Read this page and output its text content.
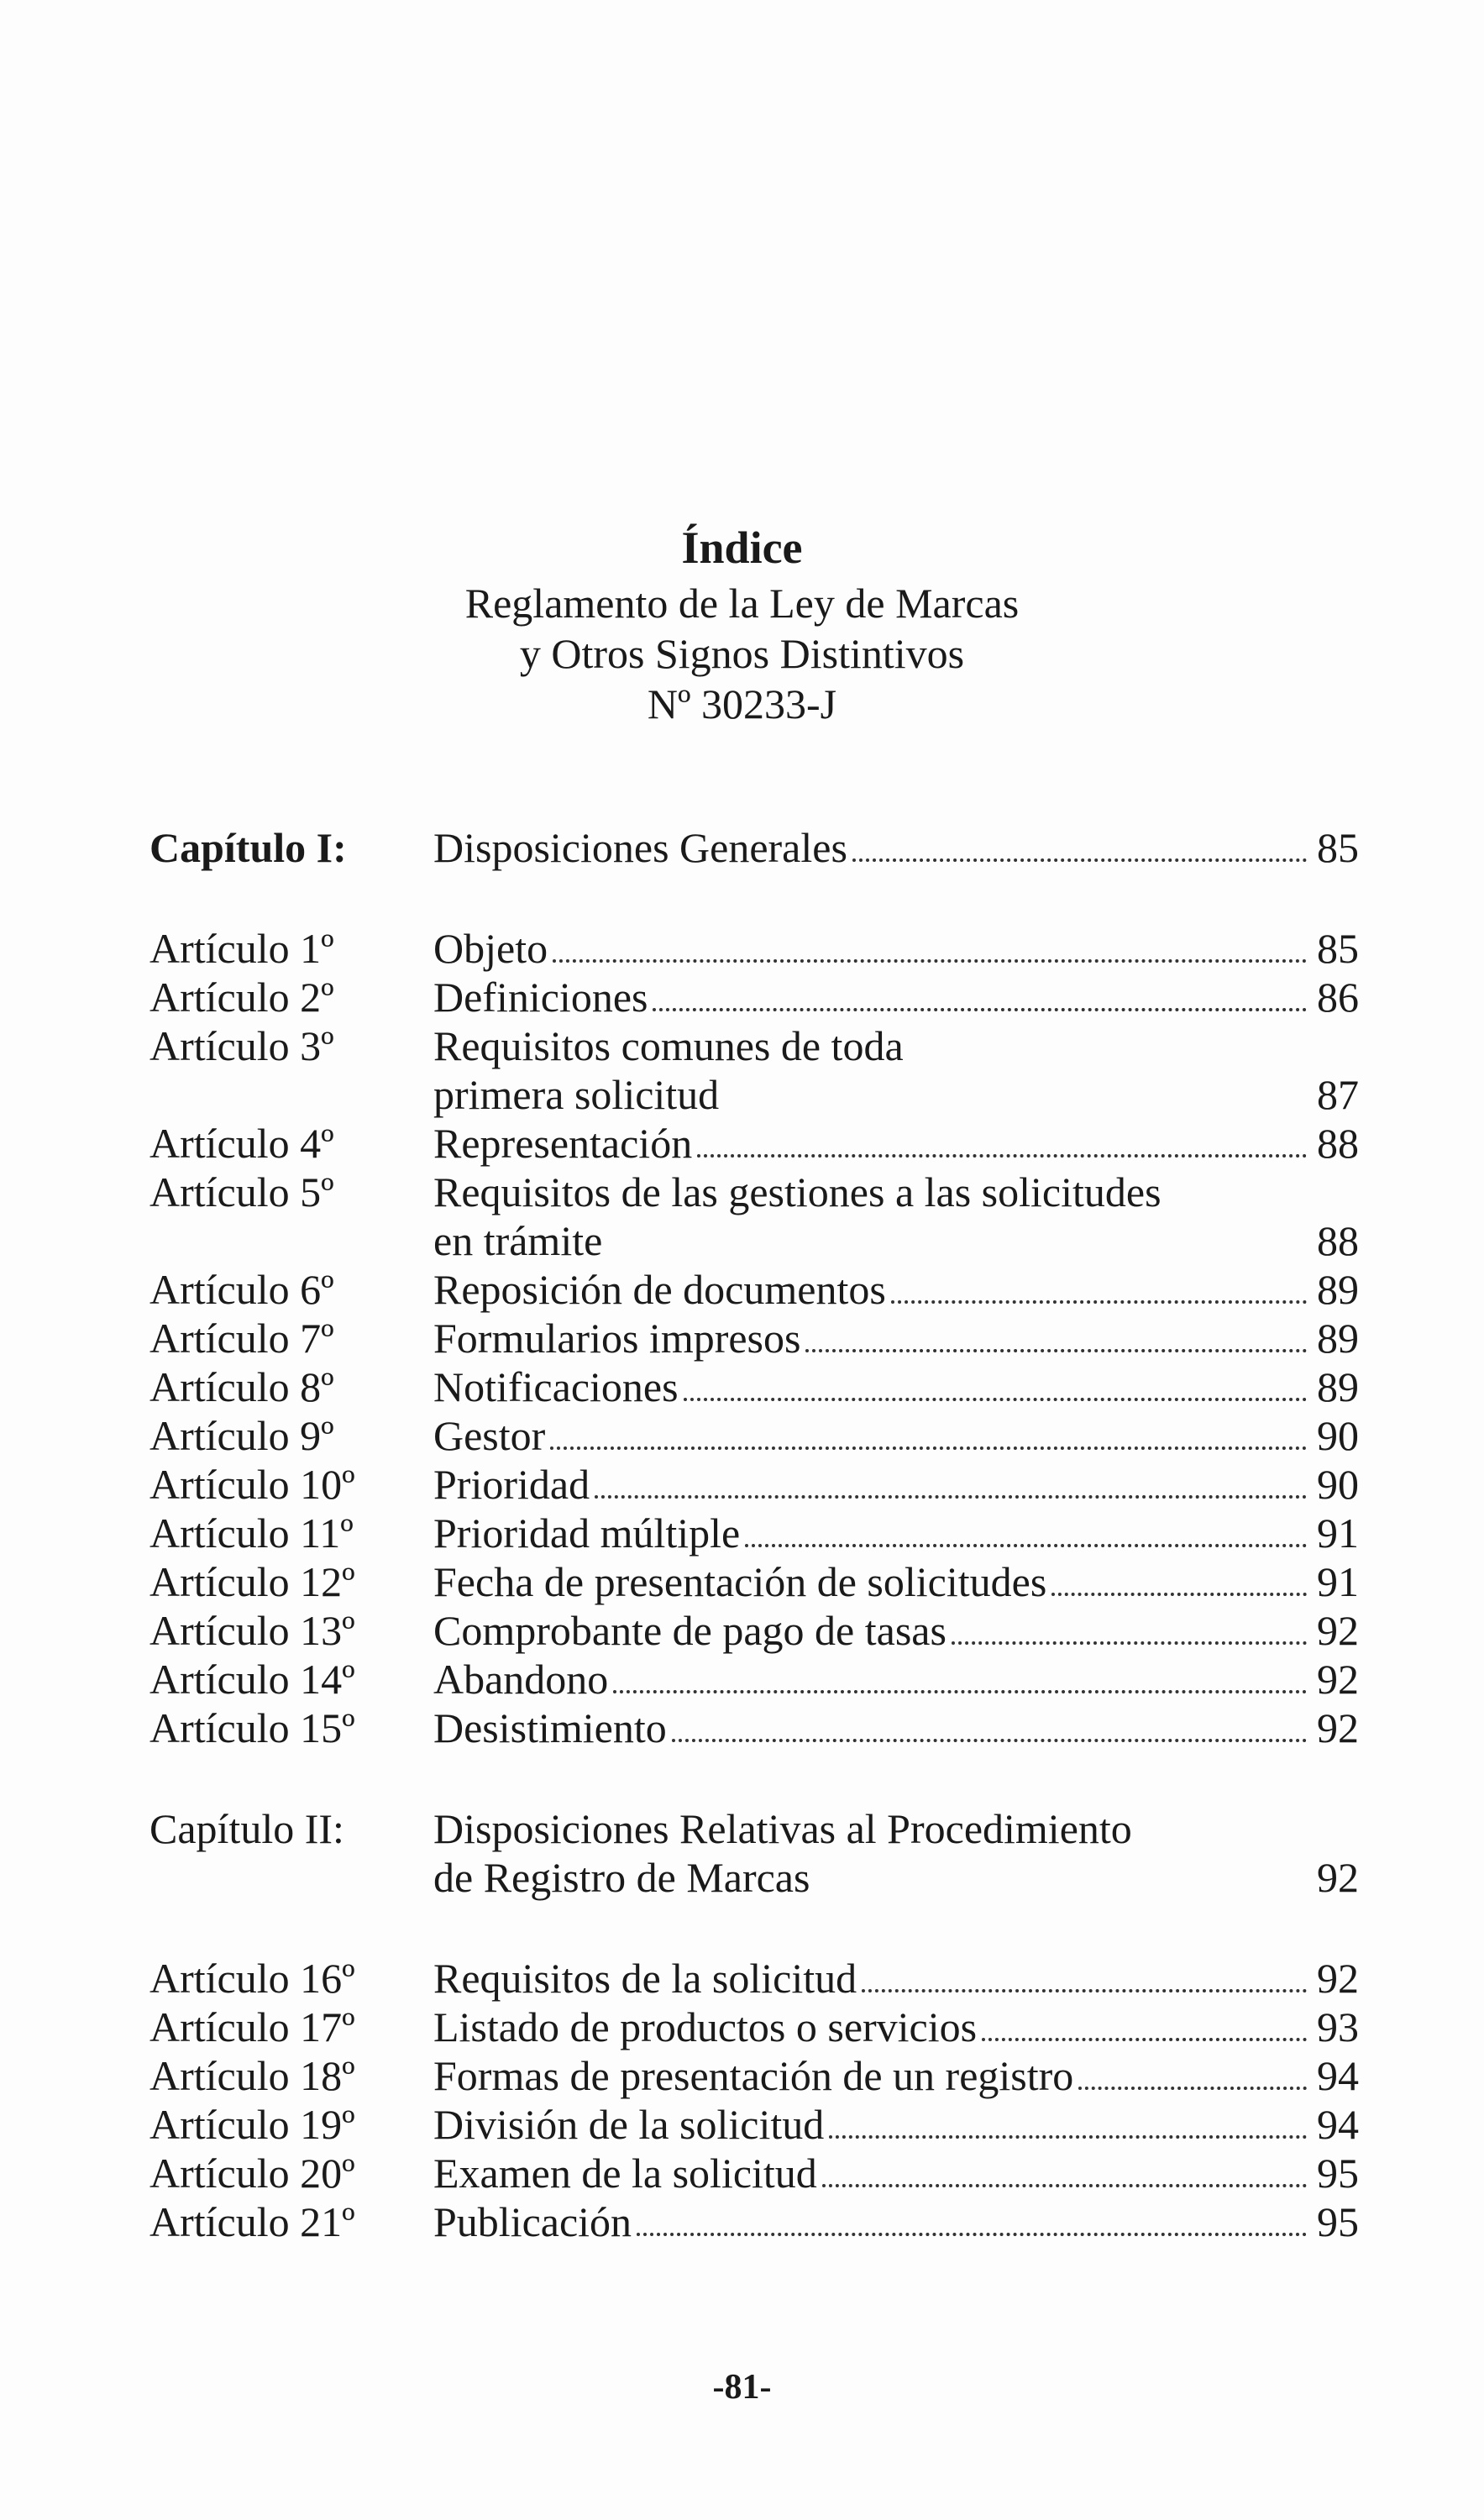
Índice
Reglamento de la Ley de Marcas
y Otros Signos Distintivos
Nº 30233-J
Capítulo I:	Disposiciones Generales	85
Artículo 1º	Objeto	85
Artículo 2º	Definiciones	86
Artículo 3º	Requisitos comunes de toda
primera solicitud	87
Artículo 4º	Representación	88
Artículo 5º	Requisitos de las gestiones a las solicitudes
en trámite	88
Artículo 6º	Reposición de documentos	89
Artículo 7º	Formularios impresos	89
Artículo 8º	Notificaciones	89
Artículo 9º	Gestor	90
Artículo 10º	Prioridad	90
Artículo 11º	Prioridad múltiple	91
Artículo 12º	Fecha de presentación de solicitudes	91
Artículo 13º	Comprobante de pago de tasas	92
Artículo 14º	Abandono	92
Artículo 15º	Desistimiento	92
Capítulo II:	Disposiciones Relativas al Procedimiento
de Registro de Marcas	92
Artículo 16º	Requisitos de la solicitud	92
Artículo 17º	Listado de productos o servicios	93
Artículo 18º	Formas de presentación de un registro	94
Artículo 19º	División de la solicitud	94
Artículo 20º	Examen de la solicitud	95
Artículo 21º	Publicación	95
-81-
